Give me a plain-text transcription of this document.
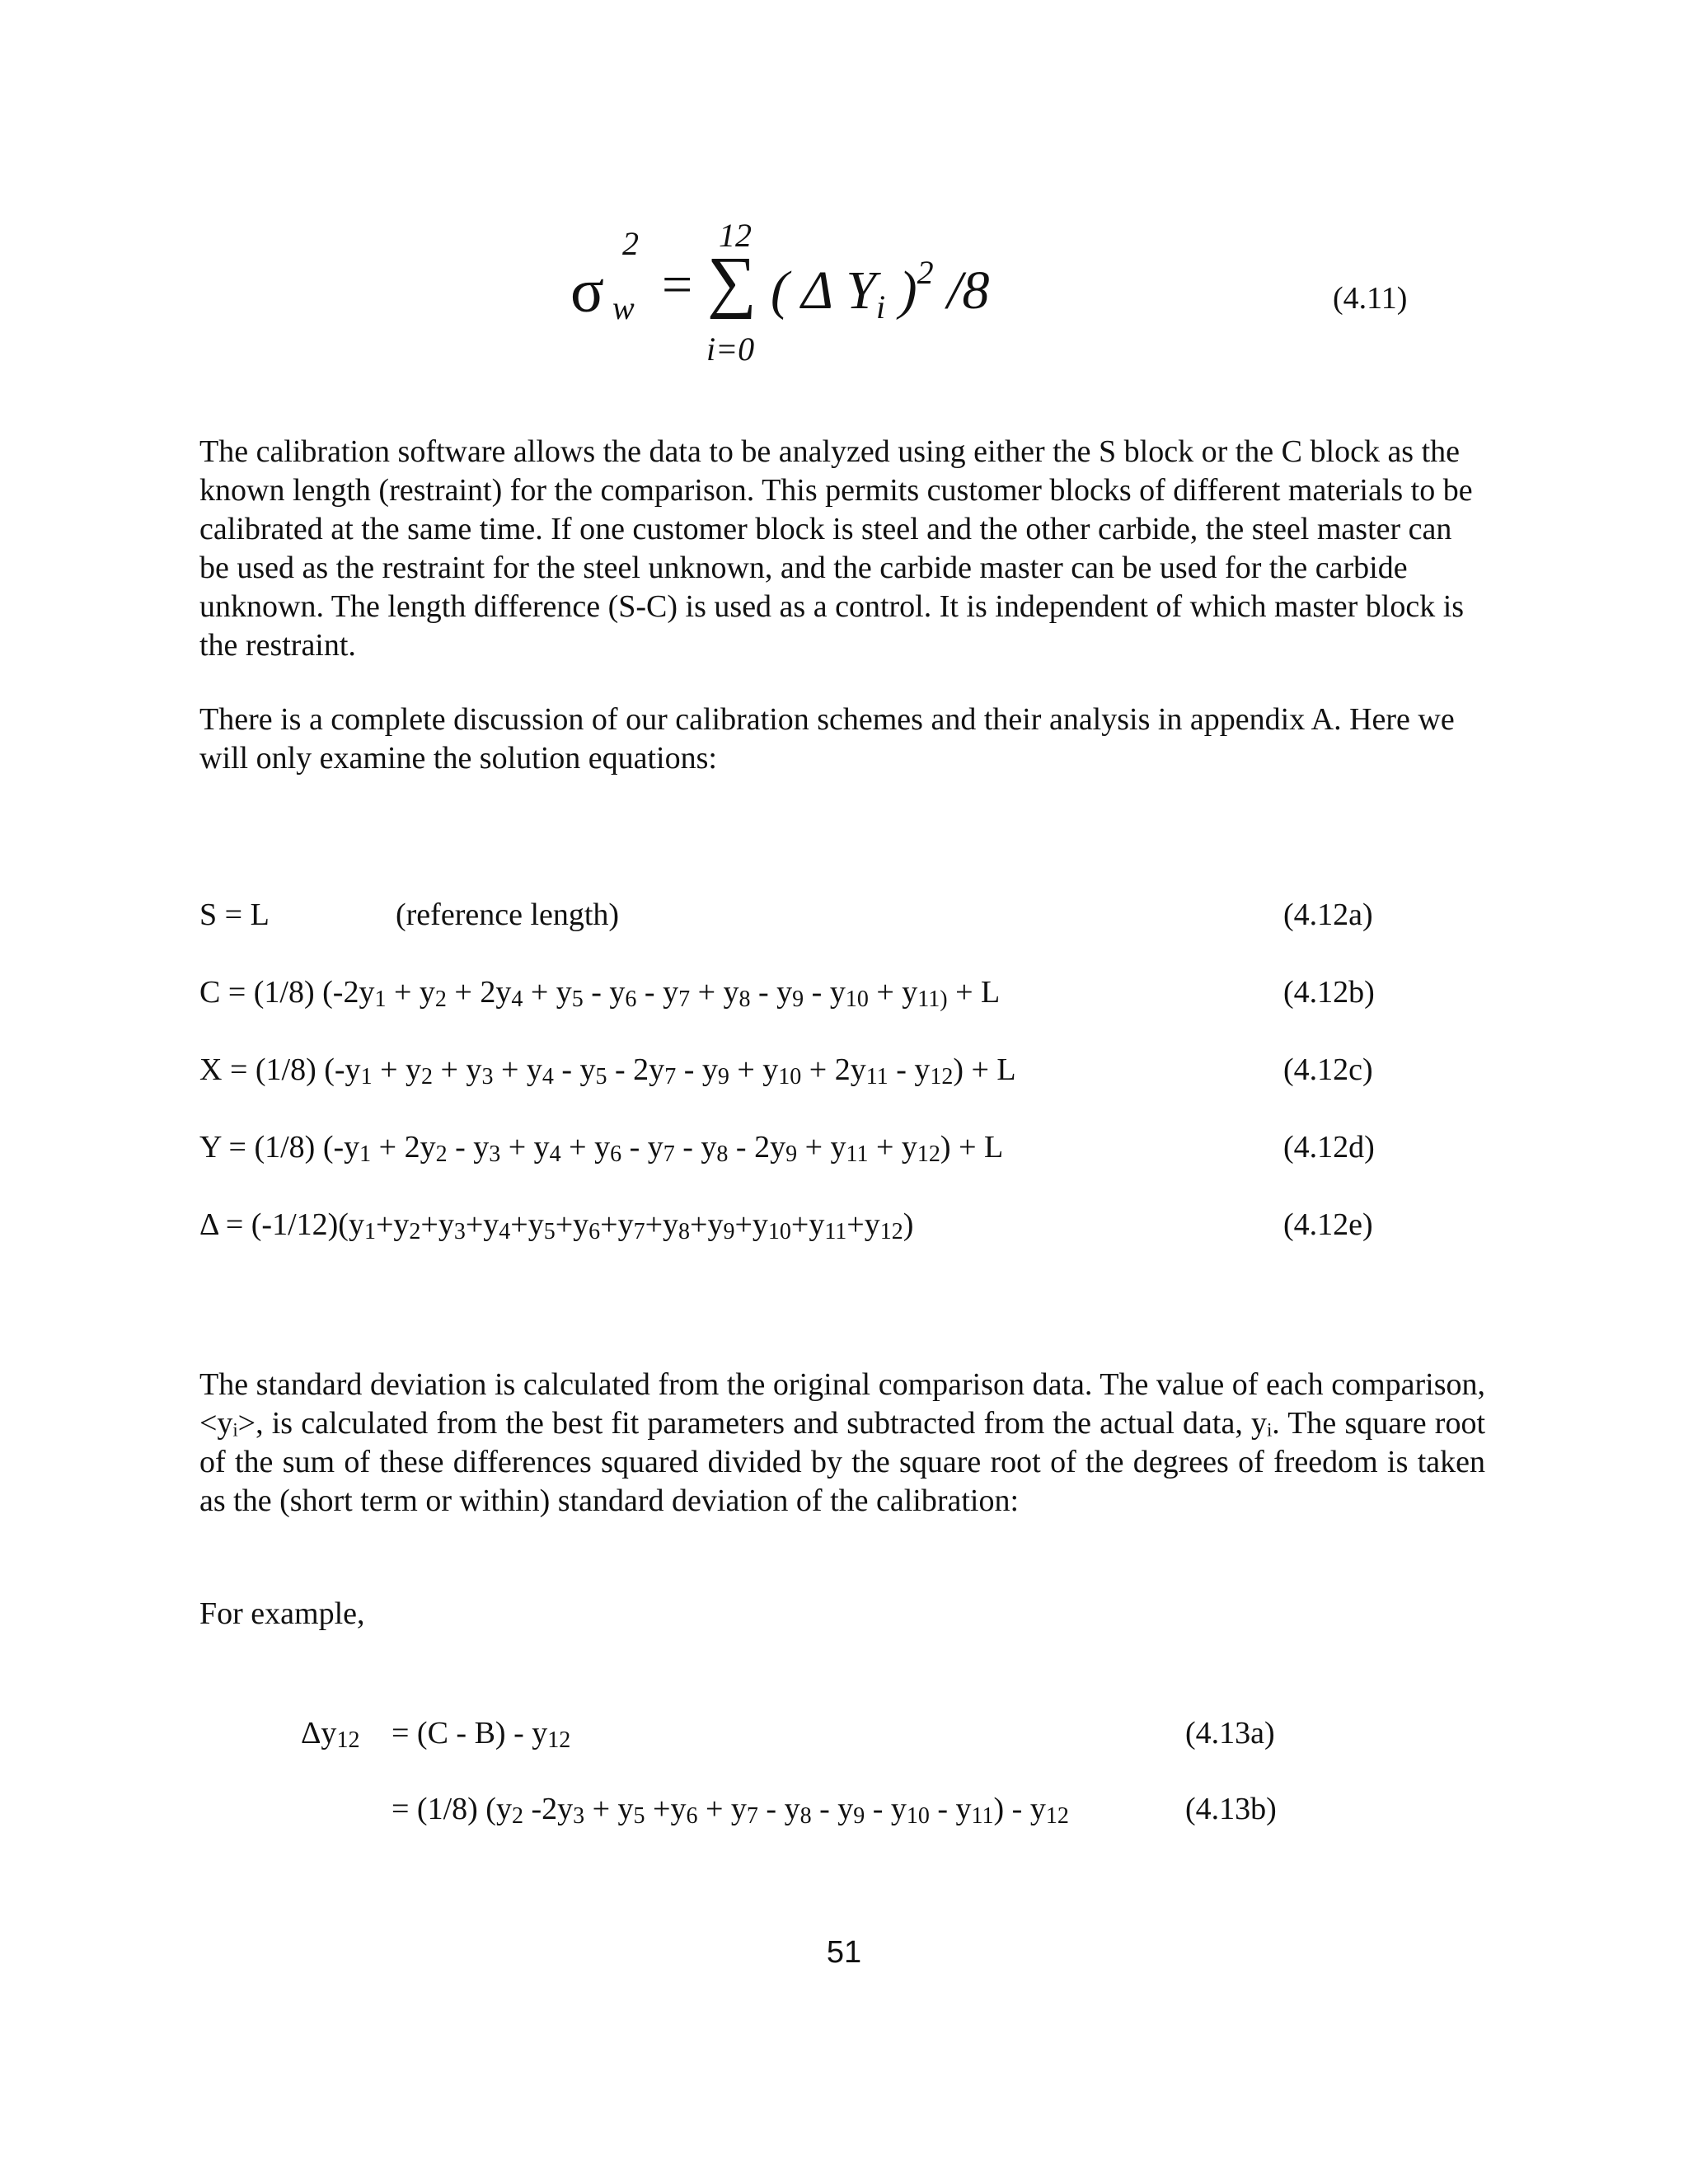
σ
2
w =
12
∑
i=0
( Δ Yi )$^2$ /8	(4.11)

The calibration software allows the data to be analyzed using either the S block or the C block as the known length (restraint) for the comparison. This permits customer blocks of different materials to be calibrated at the same time. If one customer block is steel and the other carbide, the steel master can be used as the restraint for the steel unknown, and the carbide master can be used for the carbide unknown. The length difference (S-C) is used as a control. It is independent of which master block is the restraint.

There is a complete discussion of our calibration schemes and their analysis in appendix A. Here we will only examine the solution equations:

S = L	(reference length)	(4.12a)
C = (1/8) ($-2y_1 + y_2 + 2y_4 + y_5 - y_6 - y_7 + y_8 - y_9 - y_{10} + y_{11)} + L$	(4.12b)
X = (1/8) $(-y_1 + y_2 + y_3 + y_4 - y_5 - 2y_7 - y_9 + y_{10} + 2y_{11} - y_{12}) + L$	(4.12c)
Y = (1/8) $(-y_1 + 2y_2 - y_3 + y_4 + y_6 - y_7 - y_8 - 2y_9 + y_{11} + y_{12}) + L$	(4.12d)
$\Delta = (-1/12)(y_1+y_2+y_3+y_4+y_5+y_6+y_7+y_8+y_9+y_{10}+y_{11}+y_{12})$	(4.12e)

The standard deviation is calculated from the original comparison data. The value of each comparison, <yᵢ>, is calculated from the best fit parameters and subtracted from the actual data, yᵢ. The square root of the sum of these differences squared divided by the square root of the degrees of freedom is taken as the (short term or within) standard deviation of the calibration:

For example,

$\Delta y_{12} = (C - B) - y_{12}$	(4.13a)
= (1/8) ($y_2$ $-2y_3 + y_5 +y_6 + y_7 - y_8 - y_9 - y_{10} - y_{11}) - y_{12}$	(4.13b)
51
